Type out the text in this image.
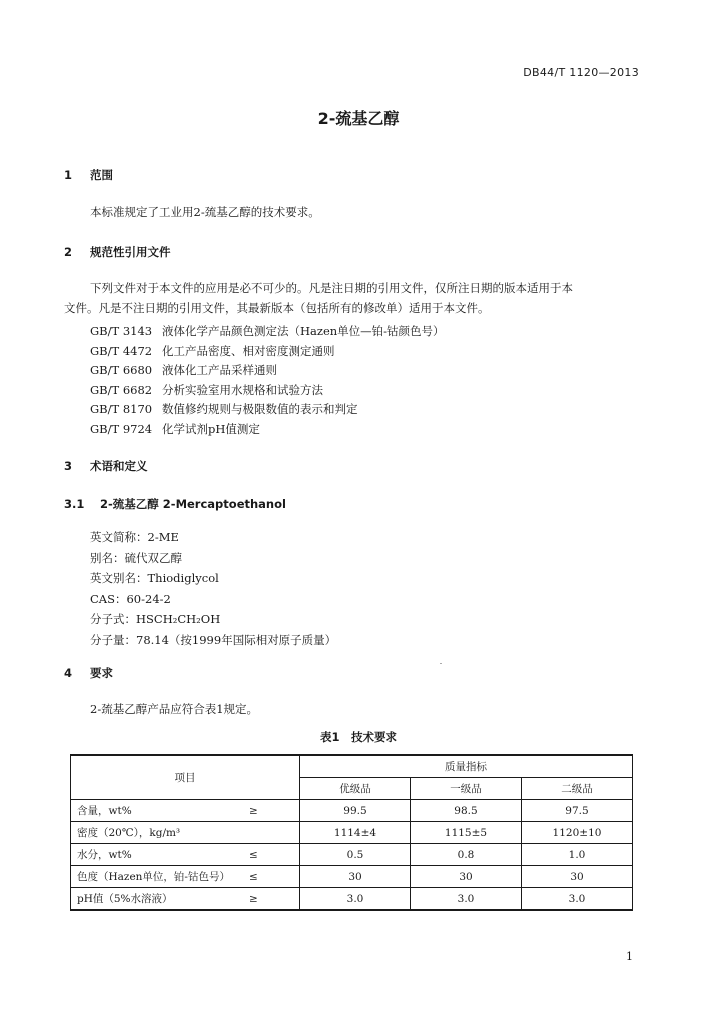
DB44/T 1120—2013
2-巯基乙醇
1 范围
本标准规定了工业用2-巯基乙醇的技术要求。
2 规范性引用文件
下列文件对于本文件的应用是必不可少的。凡是注日期的引用文件，仅所注日期的版本适用于本
文件。凡是不注日期的引用文件，其最新版本（包括所有的修改单）适用于本文件。
GB/T 3143 液体化学产品颜色测定法（Hazen单位—铂-钴颜色号）
GB/T 4472 化工产品密度、相对密度测定通则
GB/T 6680 液体化工产品采样通则
GB/T 6682 分析实验室用水规格和试验方法
GB/T 8170 数值修约规则与极限数值的表示和判定
GB/T 9724 化学试剂pH值测定
3 术语和定义
3.1 2-巯基乙醇 2-Mercaptoethanol
英文简称：2-ME
别名：硫代双乙醇
英文别名：Thiodiglycol
CAS：60-24-2
分子式：HSCH₂CH₂OH
分子量：78.14（按1999年国际相对原子质量）
4 要求
2-巯基乙醇产品应符合表1规定。
表1　技术要求
项目		质量指标		
		优级品	一级品	二级品
含量，wt%	≥	99.5	98.5	97.5
密度（20℃），kg/m³		1114±4	1115±5	1120±10
水分，wt%	≤	0.5	0.8	1.0
色度（Hazen单位，铂-钴色号）	≤	30	30	30
pH值（5%水溶液）	≥	3.0	3.0	3.0
1
